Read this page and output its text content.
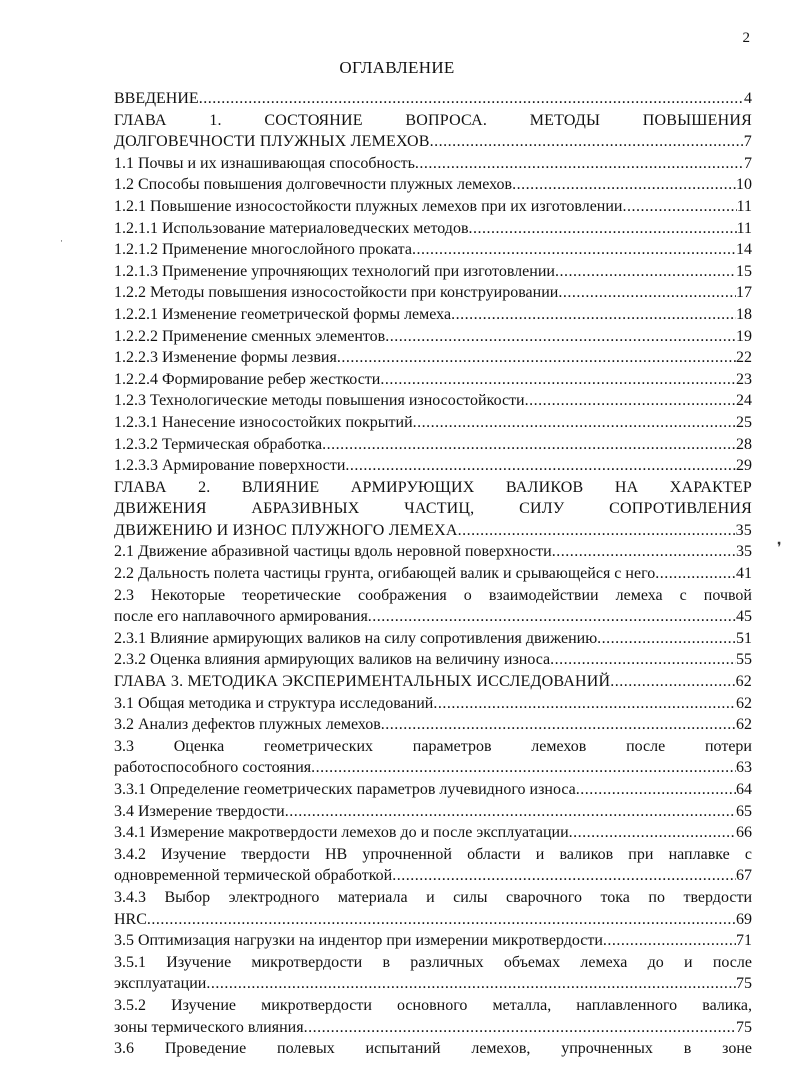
2
ОГЛАВЛЕНИЕ
ВВЕДЕНИЕ .....	4
ГЛАВА 1. СОСТОЯНИЕ ВОПРОСА. МЕТОДЫ ПОВЫШЕНИЯ
ДОЛГОВЕЧНОСТИ ПЛУЖНЫХ ЛЕМЕХОВ .....	7
1.1 Почвы и их изнашивающая способность .....	7
1.2 Способы повышения долговечности плужных лемехов .....	10
1.2.1 Повышение износостойкости плужных лемехов при их изготовлении .....	11
1.2.1.1 Использование материаловедческих методов .....	11
1.2.1.2 Применение многослойного проката .....	14
1.2.1.3 Применение упрочняющих технологий при изготовлении .....	15
1.2.2 Методы повышения износостойкости при конструировании .....	17
1.2.2.1 Изменение геометрической формы лемеха .....	18
1.2.2.2 Применение сменных элементов .....	19
1.2.2.3 Изменение формы лезвия .....	22
1.2.2.4 Формирование ребер жесткости .....	23
1.2.3 Технологические методы повышения износостойкости .....	24
1.2.3.1 Нанесение износостойких покрытий .....	25
1.2.3.2 Термическая обработка .....	28
1.2.3.3 Армирование поверхности .....	29
ГЛАВА 2. ВЛИЯНИЕ АРМИРУЮЩИХ ВАЛИКОВ НА ХАРАКТЕР
ДВИЖЕНИЯ АБРАЗИВНЫХ ЧАСТИЦ, СИЛУ СОПРОТИВЛЕНИЯ
ДВИЖЕНИЮ И ИЗНОС ПЛУЖНОГО ЛЕМЕХА .....	35
2.1 Движение абразивной частицы вдоль неровной поверхности .....	35
2.2 Дальность полета частицы грунта, огибающей валик и срывающейся с него .....	41
2.3 Некоторые теоретические соображения о взаимодействии лемеха с почвой
после его наплавочного армирования .....	45
2.3.1 Влияние армирующих валиков на силу сопротивления движению .....	51
2.3.2 Оценка влияния армирующих валиков на величину износа .....	55
ГЛАВА 3. МЕТОДИКА ЭКСПЕРИМЕНТАЛЬНЫХ ИССЛЕДОВАНИЙ .....	62
3.1 Общая методика и структура исследований .....	62
3.2 Анализ дефектов плужных лемехов .....	62
3.3 Оценка геометрических параметров лемехов после потери
работоспособного состояния .....	63
3.3.1 Определение геометрических параметров лучевидного износа .....	64
3.4 Измерение твердости .....	65
3.4.1 Измерение макротвердости лемехов до и после эксплуатации .....	66
3.4.2 Изучение твердости НВ упрочненной области и валиков при наплавке с
одновременной термической обработкой .....	67
3.4.3 Выбор электродного материала и силы сварочного тока по твердости
HRC .....	69
3.5 Оптимизация нагрузки на индентор при измерении микротвердости .....	71
3.5.1 Изучение микротвердости в различных объемах лемеха до и после
эксплуатации .....	75
3.5.2 Изучение микротвердости основного металла, наплавленного валика,
зоны термического влияния .....	75
3.6 Проведение полевых испытаний лемехов, упрочненных в зоне
❜
·
